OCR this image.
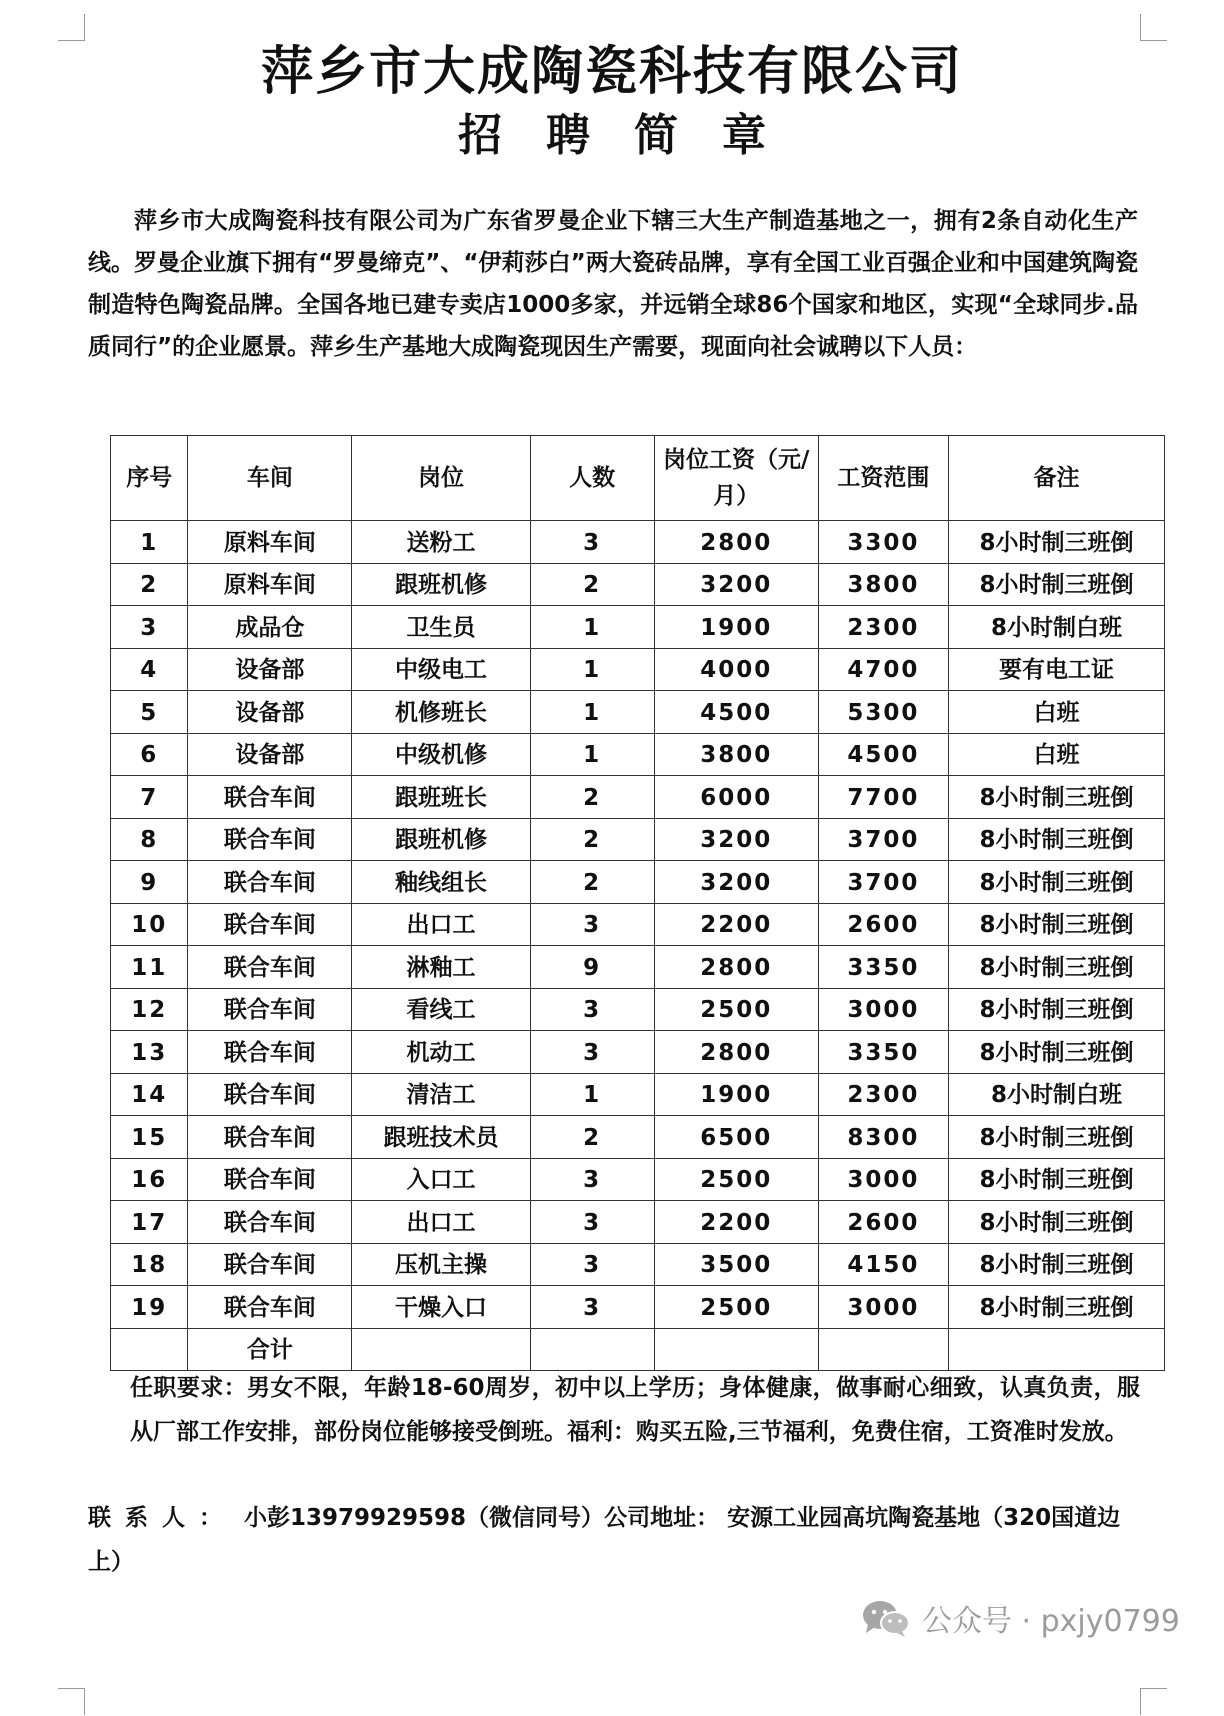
萍乡市大成陶瓷科技有限公司
招聘简章

萍乡市大成陶瓷科技有限公司为广东省罗曼企业下辖三大生产制造基地之一，拥有2条自动化生产线。罗曼企业旗下拥有“罗曼缔克”、“伊莉莎白”两大瓷砖品牌，享有全国工业百强企业和中国建筑陶瓷制造特色陶瓷品牌。全国各地已建专卖店1000多家，并远销全球86个国家和地区，实现“全球同步.品质同行”的企业愿景。萍乡生产基地大成陶瓷现因生产需要，现面向社会诚聘以下人员：

序号	车间	岗位	人数	岗位工资（元/月）	工资范围	备注
1	原料车间	送粉工	3	2800	3300	8小时制三班倒
2	原料车间	跟班机修	2	3200	3800	8小时制三班倒
3	成品仓	卫生员	1	1900	2300	8小时制白班
4	设备部	中级电工	1	4000	4700	要有电工证
5	设备部	机修班长	1	4500	5300	白班
6	设备部	中级机修	1	3800	4500	白班
7	联合车间	跟班班长	2	6000	7700	8小时制三班倒
8	联合车间	跟班机修	2	3200	3700	8小时制三班倒
9	联合车间	釉线组长	2	3200	3700	8小时制三班倒
10	联合车间	出口工	3	2200	2600	8小时制三班倒
11	联合车间	淋釉工	9	2800	3350	8小时制三班倒
12	联合车间	看线工	3	2500	3000	8小时制三班倒
13	联合车间	机动工	3	2800	3350	8小时制三班倒
14	联合车间	清洁工	1	1900	2300	8小时制白班
15	联合车间	跟班技术员	2	6500	8300	8小时制三班倒
16	联合车间	入口工	3	2500	3000	8小时制三班倒
17	联合车间	出口工	3	2200	2600	8小时制三班倒
18	联合车间	压机主操	3	3500	4150	8小时制三班倒
19	联合车间	干燥入口	3	2500	3000	8小时制三班倒
	合计					

任职要求：男女不限，年龄18-60周岁，初中以上学历；身体健康，做事耐心细致，认真负责，服从厂部工作安排，部份岗位能够接受倒班。福利：购买五险,三节福利，免费住宿，工资准时发放。

联系人： 小彭13979929598（微信同号）公司地址： 安源工业园高坑陶瓷基地（320国道边上）

公众号 · pxjy0799
